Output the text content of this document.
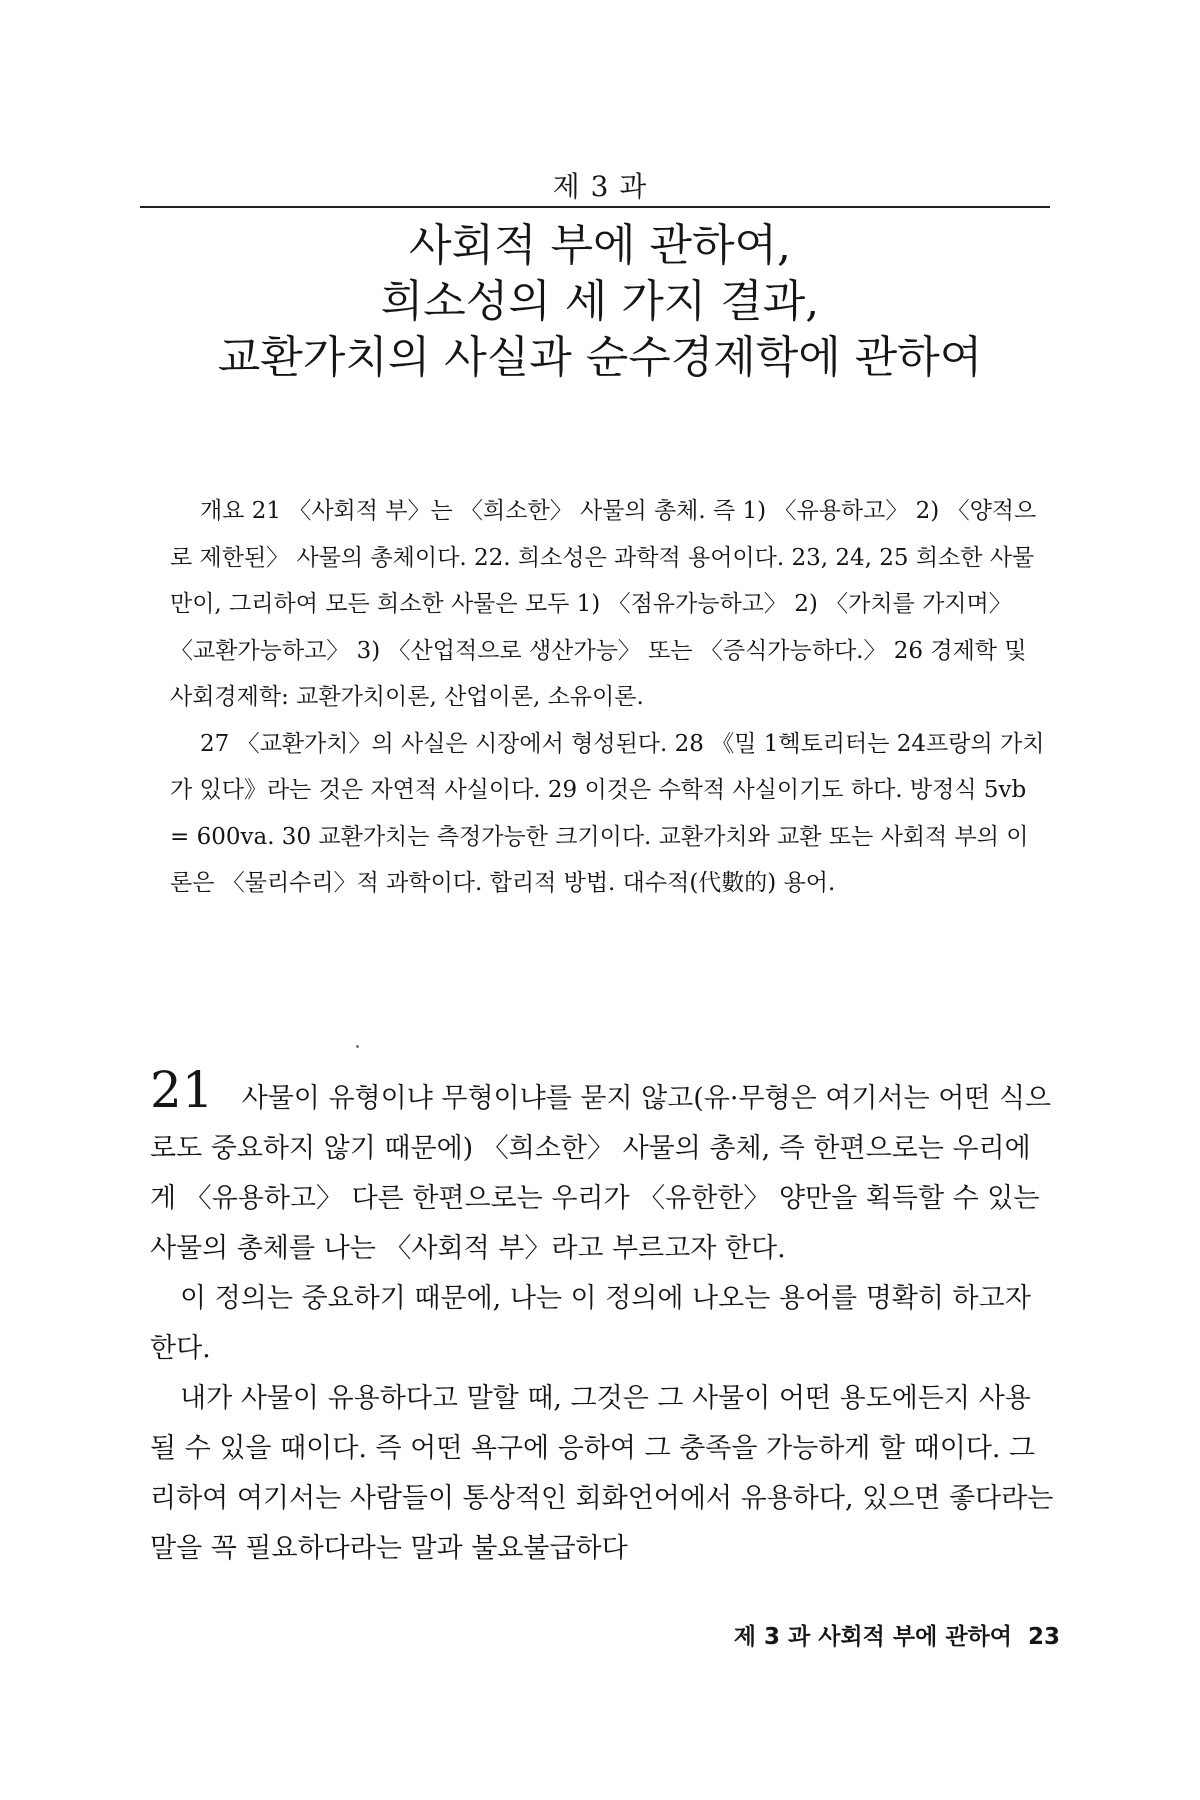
제 3 과
사회적 부에 관하여,
희소성의 세 가지 결과,
교환가치의 사실과 순수경제학에 관하여

개요 21 〈사회적 부〉는 〈희소한〉 사물의 총체. 즉 1) 〈유용하고〉 2) 〈양적으로 제한된〉 사물의 총체이다. 22. 희소성은 과학적 용어이다. 23, 24, 25 희소한 사물만이, 그리하여 모든 희소한 사물은 모두 1) 〈점유가능하고〉 2) 〈가치를 가지며〉 〈교환가능하고〉 3) 〈산업적으로 생산가능〉 또는 〈증식가능하다.〉 26 경제학 및 사회경제학: 교환가치이론, 산업이론, 소유이론.

27 〈교환가치〉의 사실은 시장에서 형성된다. 28 《밀 1헥토리터는 24프랑의 가치가 있다》라는 것은 자연적 사실이다. 29 이것은 수학적 사실이기도 하다. 방정식 5vb = 600va. 30 교환가치는 측정가능한 크기이다. 교환가치와 교환 또는 사회적 부의 이론은 〈물리수리〉적 과학이다. 합리적 방법. 대수적(代數的) 용어.

21 사물이 유형이냐 무형이냐를 묻지 않고(유·무형은 여기서는 어떤 식으로도 중요하지 않기 때문에) 〈희소한〉 사물의 총체, 즉 한편으로는 우리에게 〈유용하고〉 다른 한편으로는 우리가 〈유한한〉 양만을 획득할 수 있는 사물의 총체를 나는 〈사회적 부〉라고 부르고자 한다.

이 정의는 중요하기 때문에, 나는 이 정의에 나오는 용어를 명확히 하고자 한다.

내가 사물이 유용하다고 말할 때, 그것은 그 사물이 어떤 용도에든지 사용될 수 있을 때이다. 즉 어떤 욕구에 응하여 그 충족을 가능하게 할 때이다. 그리하여 여기서는 사람들이 통상적인 회화언어에서 유용하다, 있으면 좋다라는 말을 꼭 필요하다라는 말과 불요불급하다

제 3 과 사회적 부에 관하여 23
